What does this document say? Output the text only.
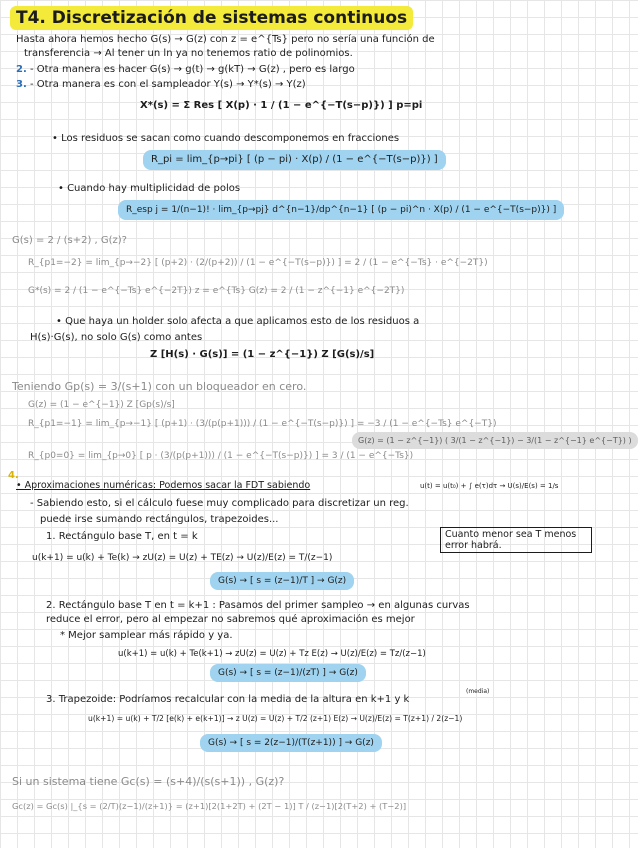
T4. Discretización de sistemas continuos
Hasta ahora hemos hecho G(s) → G(z) con z = e^{Ts} pero no sería una función de
transferencia → Al tener un ln ya no tenemos ratio de polinomios.
2. - Otra manera es hacer G(s) → g(t) → g(kT) → G(z) , pero es largo
3. - Otra manera es con el sampleador Y(s) → Y*(s) → Y(z)
X*(s) = Σ Res [ X(p) · 1 / (1 − e^{−T(s−p)}) ] p=pi
• Los residuos se sacan como cuando descomponemos en fracciones
R_pi = lim_{p→pi} [ (p − pi) · X(p) / (1 − e^{−T(s−p)}) ]
• Cuando hay multiplicidad de polos
R_esp j = 1/(n−1)! · lim_{p→pj} d^{n−1}/dp^{n−1} [ (p − pi)^n · X(p) / (1 − e^{−T(s−p)}) ]
G(s) = 2 / (s+2) , G(z)?
R_{p1=−2} = lim_{p→−2} [ (p+2) · (2/(p+2)) / (1 − e^{−T(s−p)}) ] = 2 / (1 − e^{−Ts} · e^{−2T})
G*(s) = 2 / (1 − e^{−Ts} e^{−2T}) z = e^{Ts} G(z) = 2 / (1 − z^{−1} e^{−2T})
• Que haya un holder solo afecta a que aplicamos esto de los residuos a
H(s)·G(s), no solo G(s) como antes
Z [H(s) · G(s)] = (1 − z^{−1}) Z [G(s)/s]
Teniendo Gp(s) = 3/(s+1) con un bloqueador en cero.
G(z) = (1 − e^{−1}) Z [Gp(s)/s]
R_{p1=−1} = lim_{p→−1} [ (p+1) · (3/(p(p+1))) / (1 − e^{−T(s−p)}) ] = −3 / (1 − e^{−Ts} e^{−T})
R_{p0=0} = lim_{p→0} [ p · (3/(p(p+1))) / (1 − e^{−T(s−p)}) ] = 3 / (1 − e^{−Ts})
G(z) = (1 − z^{−1}) ( 3/(1 − z^{−1}) − 3/(1 − z^{−1} e^{−T}) )
4.
• Aproximaciones numéricas: Podemos sacar la FDT sabiendo	u(t) = u(t₀) + ∫ e(τ)dτ → U(s)/E(s) = 1/s
- Sabiendo esto, si el cálculo fuese muy complicado para discretizar un reg.
puede irse sumando rectángulos, trapezoides...
Cuanto menor sea T menos error habrá.
1. Rectángulo base T, en t = k
u(k+1) = u(k) + Te(k) → zU(z) = U(z) + TE(z) → U(z)/E(z) = T/(z−1)
G(s) → [ s = (z−1)/T ] → G(z)
2. Rectángulo base T en t = k+1 : Pasamos del primer sampleo → en algunas curvas
reduce el error, pero al empezar no sabremos qué aproximación es mejor
* Mejor samplear más rápido y ya.
u(k+1) = u(k) + Te(k+1) → zU(z) = U(z) + Tz E(z) → U(z)/E(z) = Tz/(z−1)
G(s) → [ s = (z−1)/(zT) ] → G(z)
(media)
3. Trapezoide: Podríamos recalcular con la media de la altura en k+1 y k
u(k+1) = u(k) + T/2 [e(k) + e(k+1)] → z U(z) = U(z) + T/2 (z+1) E(z) → U(z)/E(z) = T(z+1) / 2(z−1)
G(s) → [ s = 2(z−1)/(T(z+1)) ] → G(z)
Si un sistema tiene Gc(s) = (s+4)/(s(s+1)) , G(z)?
Gc(z) = Gc(s) |_{s = (2/T)(z−1)/(z+1)} = (z+1)[2(1+2T) + (2T − 1)] T / (z−1)[2(T+2) + (T−2)]
